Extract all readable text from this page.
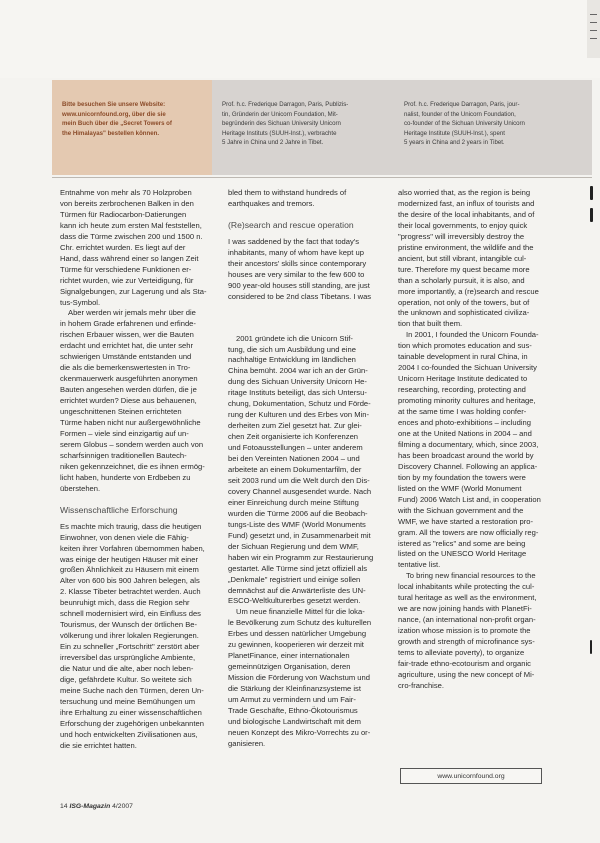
Bitte besuchen Sie unsere Website:
www.unicornfound.org, über die sie
mein Buch über die „Secret Towers of
the Himalayas" bestellen können.
Prof. h.c. Frederique Darragon, Paris, Publizis-
tin, Gründerin der Unicorn Foundation, Mit-
begründerin des Sichuan University Unicorn
Heritage Instituts (SUUH-Inst.), verbrachte
5 Jahre in China und 2 Jahre in Tibet.
Prof. h.c. Frederique Darragon, Paris, jour-
nalist, founder of the Unicorn Foundation,
co-founder of the Sichuan University Unicorn
Heritage Institute (SUUH-Inst.), spent
5 years in China and 2 years in Tibet.
Entnahme von mehr als 70 Holzproben
von bereits zerbrochenen Balken in den
Türmen für Radiocarbon-Datierungen
kann ich heute zum ersten Mal feststellen,
dass die Türme zwischen 200 und 1500 n.
Chr. errichtet wurden. Es liegt auf der
Hand, dass während einer so langen Zeit
Türme für verschiedene Funktionen er-
richtet wurden, wie zur Verteidigung, für
Signalgebungen, zur Lagerung und als Sta-
tus-Symbol.
Aber werden wir jemals mehr über die
in hohem Grade erfahrenen und erfinde-
rischen Erbauer wissen, wer die Bauten
erdacht und errichtet hat, die unter sehr
schwierigen Umstände entstanden und
die als die bemerkenswertesten in Tro-
ckenmauerwerk ausgeführten anonymen
Bauten angesehen werden dürfen, die je
errichtet wurden? Diese aus behauenen,
ungeschnittenen Steinen errichteten
Türme haben nicht nur außergewöhnliche
Formen – viele sind einzigartig auf un-
serem Globus – sondern werden auch von
scharfsinnigen traditionellen Bautech-
niken gekennzeichnet, die es ihnen ermög-
licht haben, hunderte von Erdbeben zu
überstehen.
Wissenschaftliche Erforschung
Es machte mich traurig, dass die heutigen
Einwohner, von denen viele die Fähig-
keiten ihrer Vorfahren übernommen haben,
was einige der heutigen Häuser mit einer
großen Ähnlichkeit zu Häusern mit einem
Alter von 600 bis 900 Jahren belegen, als
2. Klasse Tibeter betrachtet werden. Auch
beunruhigt mich, dass die Region sehr
schnell modernisiert wird, ein Einfluss des
Tourismus, der Wunsch der örtlichen Be-
völkerung und ihrer lokalen Regierungen.
Ein zu schneller „Fortschritt" zerstört aber
irreversibel das ursprüngliche Ambiente,
die Natur und die alte, aber noch leben-
dige, gefährdete Kultur. So weitete sich
meine Suche nach den Türmen, deren Un-
tersuchung und meine Bemühungen um
ihre Erhaltung zu einer wissenschaftlichen
Erforschung der zugehörigen unbekannten
und hoch entwickelten Zivilisationen aus,
die sie errichtet hatten.
bled them to withstand hundreds of
earthquakes and tremors.
(Re)search and rescue operation
I was saddened by the fact that today's
inhabitants, many of whom have kept up
their ancestors' skills since contemporary
houses are very similar to the few 600 to
900 year-old houses still standing, are just
considered to be 2nd class Tibetans. I was
2001 gründete ich die Unicorn Stif-
tung, die sich um Ausbildung und eine
nachhaltige Entwicklung im ländlichen
China bemüht. 2004 war ich an der Grün-
dung des Sichuan University Unicorn He-
ritage Instituts beteiligt, das sich Untersu-
chung, Dokumentation, Schutz und Förde-
rung der Kulturen und des Erbes von Min-
derheiten zum Ziel gesetzt hat. Zur glei-
chen Zeit organisierte ich Konferenzen
und Fotoausstellungen – unter anderem
bei den Vereinten Nationen 2004 – und
arbeitete an einem Dokumentarfilm, der
seit 2003 rund um die Welt durch den Dis-
covery Channel ausgesendet wurde. Nach
einer Einreichung durch meine Stiftung
wurden die Türme 2006 auf die Beobach-
tungs-Liste des WMF (World Monuments
Fund) gesetzt und, in Zusammenarbeit mit
der Sichuan Regierung und dem WMF,
haben wir ein Programm zur Restaurierung
gestartet. Alle Türme sind jetzt offiziell als
„Denkmale" registriert und einige sollen
demnächst auf die Anwärterliste des UN-
ESCO-Weltkulturerbes gesetzt werden.
Um neue finanzielle Mittel für die loka-
le Bevölkerung zum Schutz des kulturellen
Erbes und dessen natürlicher Umgebung
zu gewinnen, kooperieren wir derzeit mit
PlanetFinance, einer internationalen
gemeinnützigen Organisation, deren
Mission die Förderung von Wachstum und
die Stärkung der Kleinfinanzsysteme ist
um Armut zu vermindern und um Fair-
Trade Geschäfte, Ethno-Ökotourismus
und biologische Landwirtschaft mit dem
neuen Konzept des Mikro-Vorrechts zu or-
ganisieren.
also worried that, as the region is being
modernized fast, an influx of tourists and
the desire of the local inhabitants, and of
their local governments, to enjoy quick
"progress" will irreversibly destroy the
pristine environment, the wildlife and the
ancient, but still vibrant, intangible cul-
ture. Therefore my quest became more
than a scholarly pursuit, it is also, and
more importantly, a (re)search and rescue
operation, not only of the towers, but of
the unknown and sophisticated civiliza-
tion that built them.
In 2001, I founded the Unicorn Founda-
tion which promotes education and sus-
tainable development in rural China, in
2004 I co-founded the Sichuan University
Unicorn Heritage Institute dedicated to
researching, recording, protecting and
promoting minority cultures and heritage,
at the same time I was holding confer-
ences and photo-exhibitions – including
one at the United Nations in 2004 – and
filming a documentary, which, since 2003,
has been broadcast around the world by
Discovery Channel. Following an applica-
tion by my foundation the towers were
listed on the WMF (World Monument
Fund) 2006 Watch List and, in cooperation
with the Sichuan government and the
WMF, we have started a restoration pro-
gram. All the towers are now officially reg-
istered as "relics" and some are being
listed on the UNESCO World Heritage
tentative list.
To bring new financial resources to the
local inhabitants while protecting the cul-
tural heritage as well as the environment,
we are now joining hands with PlanetFi-
nance, (an international non-profit organ-
ization whose mission is to promote the
growth and strength of microfinance sys-
tems to alleviate poverty), to organize
fair-trade ethno-ecotourism and organic
agriculture, using the new concept of Mi-
cro-franchise.
www.unicornfound.org
14 ISG-Magazin 4/2007
